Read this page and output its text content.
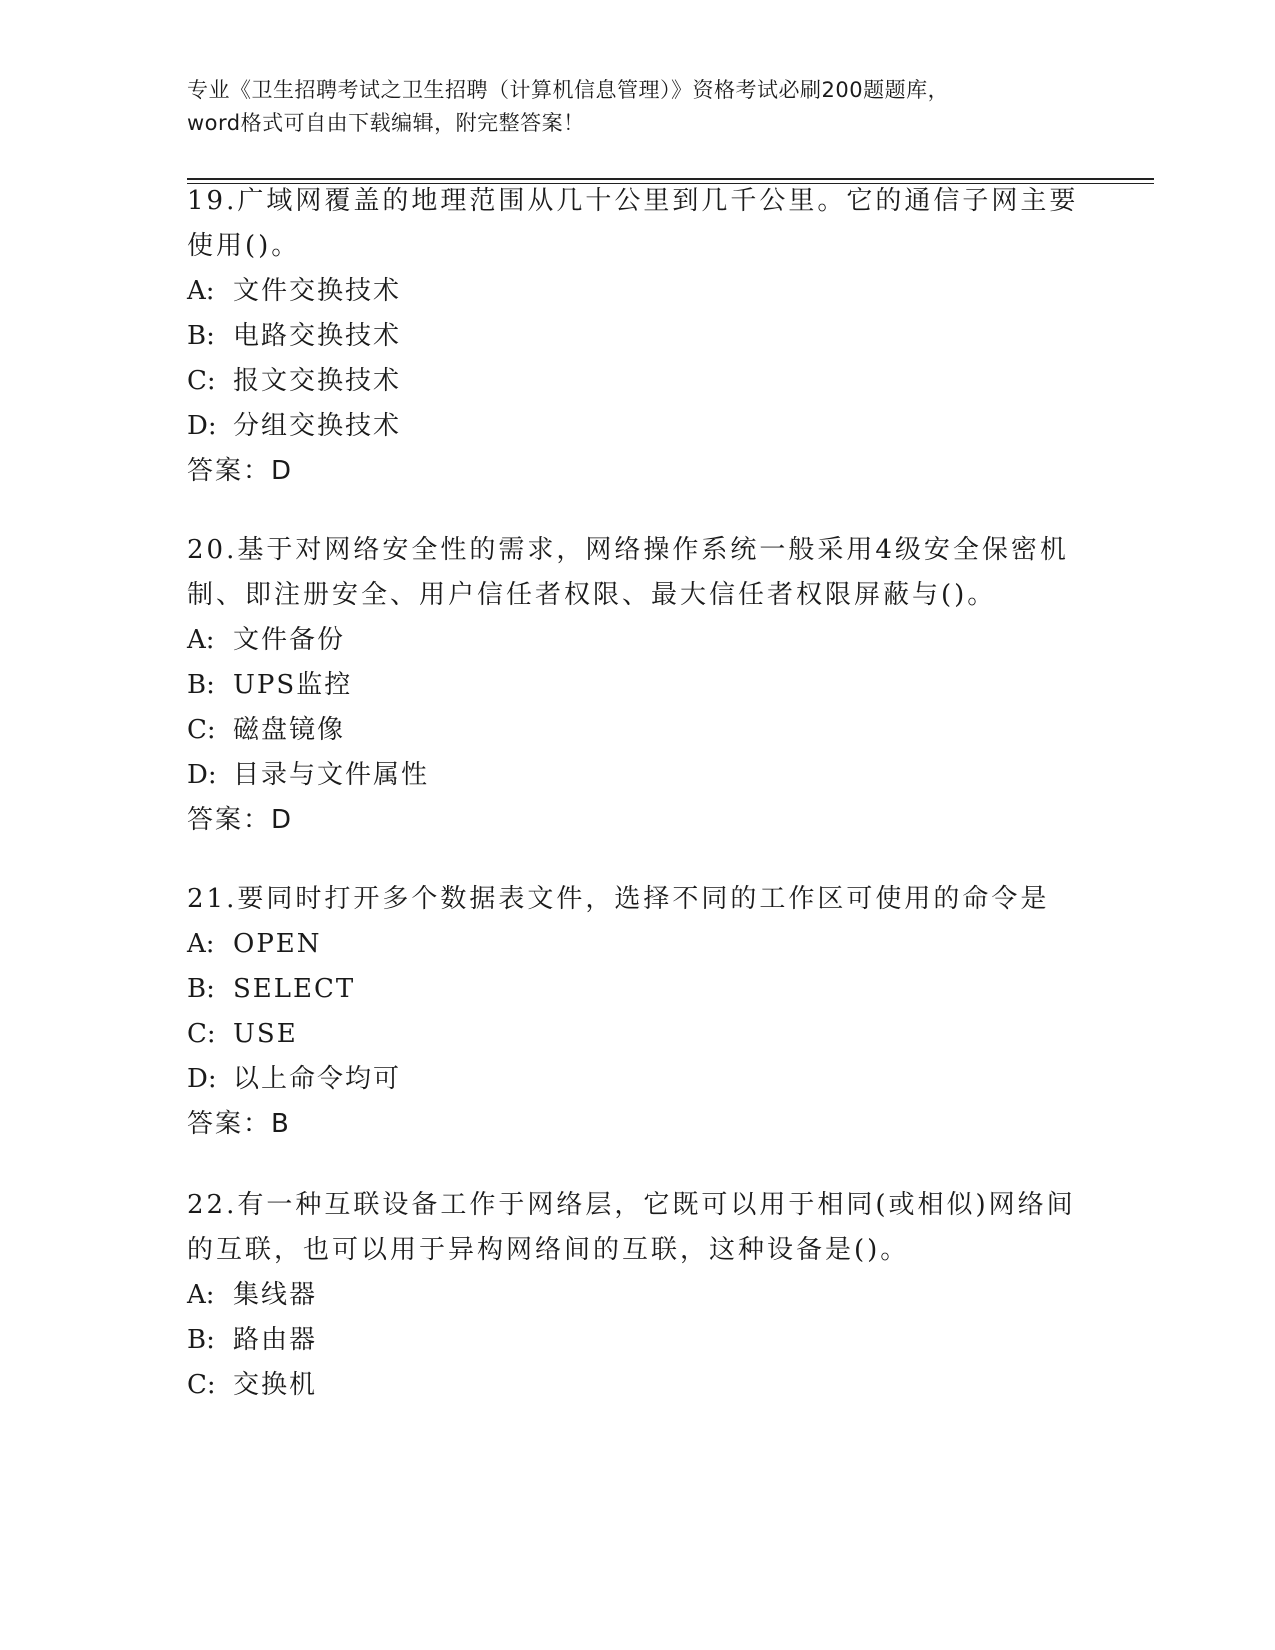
专业《卫生招聘考试之卫生招聘（计算机信息管理）》资格考试必刷200题题库，
word格式可自由下载编辑，附完整答案！
19.广域网覆盖的地理范围从几十公里到几千公里。它的通信子网主要
使用()。
A: 文件交换技术
B: 电路交换技术
C: 报文交换技术
D: 分组交换技术
答案：D
20.基于对网络安全性的需求，网络操作系统一般采用4级安全保密机
制、即注册安全、用户信任者权限、最大信任者权限屏蔽与()。
A: 文件备份
B: UPS监控
C: 磁盘镜像
D: 目录与文件属性
答案：D
21.要同时打开多个数据表文件，选择不同的工作区可使用的命令是
A: OPEN
B: SELECT
C: USE
D: 以上命令均可
答案：B
22.有一种互联设备工作于网络层，它既可以用于相同(或相似)网络间
的互联，也可以用于异构网络间的互联，这种设备是()。
A: 集线器
B: 路由器
C: 交换机
